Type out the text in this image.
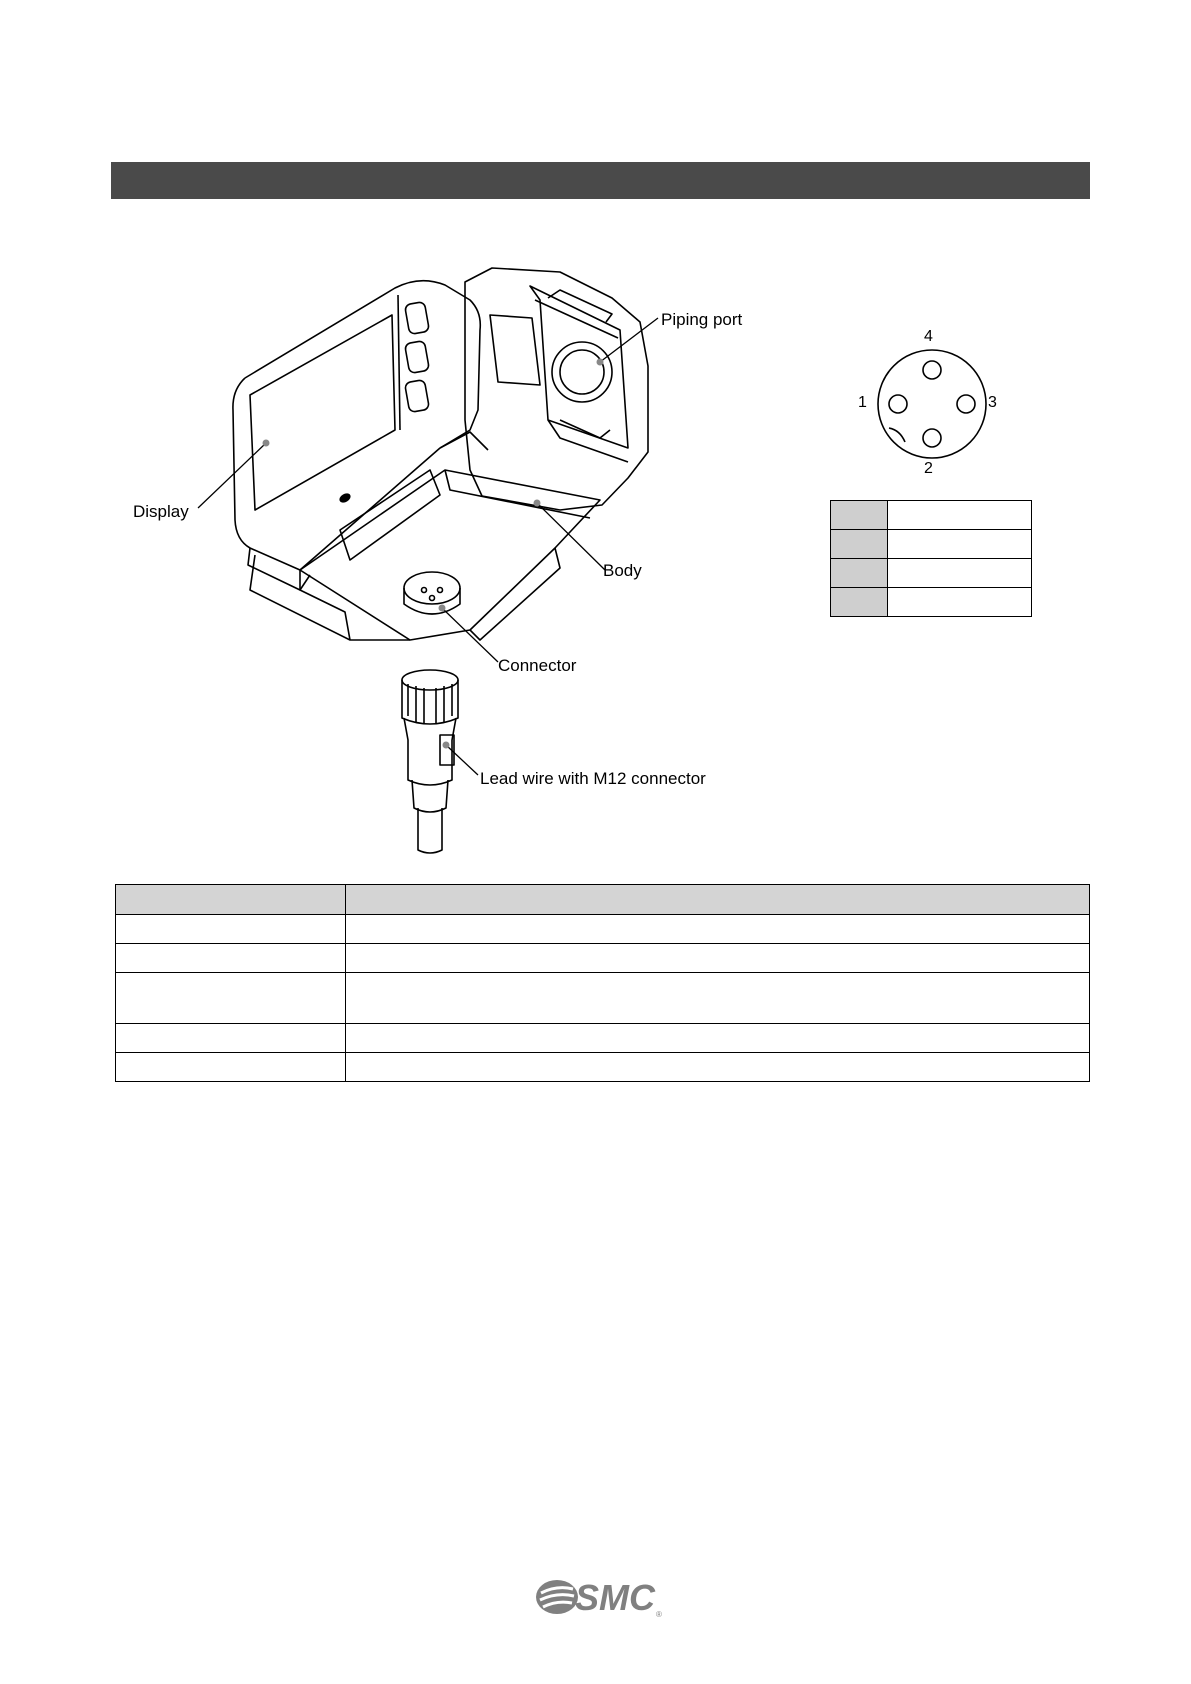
Piping port
Display
Body
Connector
Lead wire with M12 connector
4
1	3
2

SMC ®
